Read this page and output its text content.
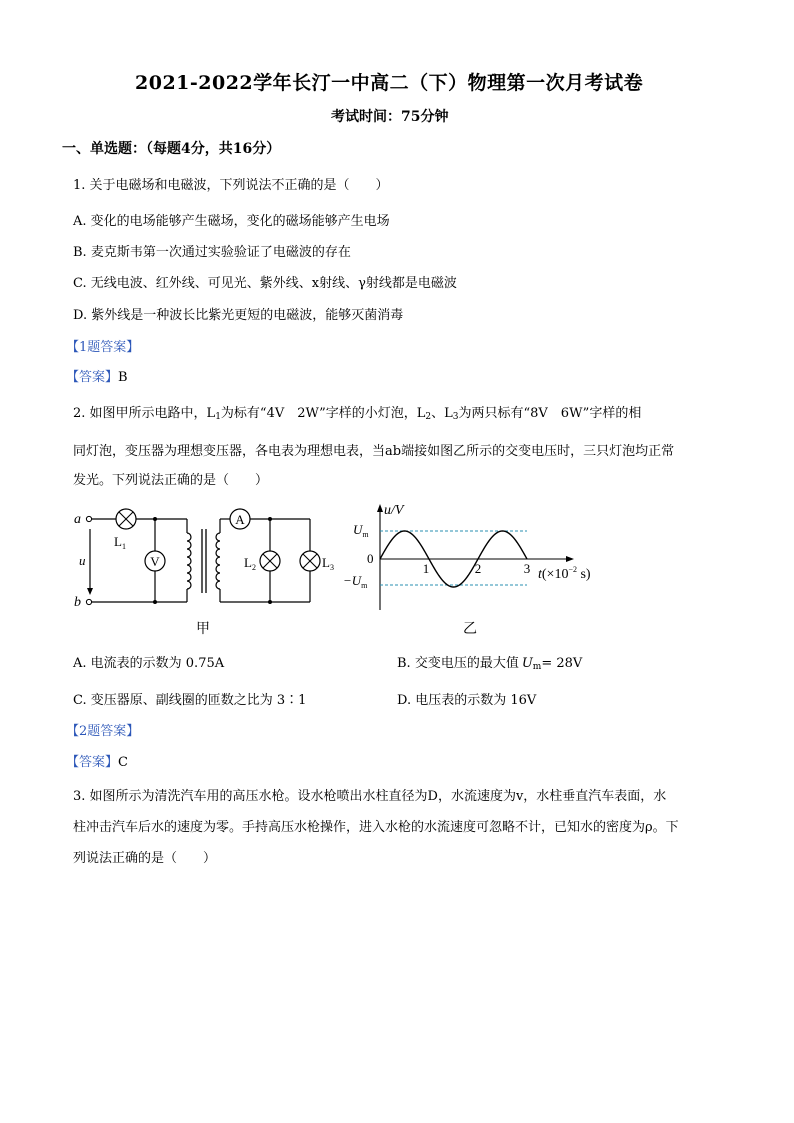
2021-2022学年长汀一中高二（下）物理第一次月考试卷
考试时间：75分钟
一、单选题：（每题4分，共16分）
1. 关于电磁场和电磁波，下列说法不正确的是（　　）
A. 变化的电场能够产生磁场，变化的磁场能够产生电场
B. 麦克斯韦第一次通过实验验证了电磁波的存在
C. 无线电波、红外线、可见光、紫外线、x射线、γ射线都是电磁波
D. 紫外线是一种波长比紫光更短的电磁波，能够灭菌消毒
【1题答案】
【答案】B
2. 如图甲所示电路中，L1为标有“4V　2W”字样的小灯泡，L2、L3为两只标有“8V　6W”字样的相
同灯泡，变压器为理想变压器，各电表为理想电表，当ab端接如图乙所示的交变电压时，三只灯泡均正常
发光。下列说法正确的是（　　）
V
A
a
b
u
$L_1$
$L_2$	$L_3$
甲
u/V
$U_m$
0
$-U_m$
1	2	3 $t(\times 10^{-2}$ s)
乙
A. 电流表的示数为 0.75A	B. 交变电压的最大值 Um= 28V
C. 变压器原、副线圈的匝数之比为 3∶1	D. 电压表的示数为 16V
【2题答案】
【答案】C
3. 如图所示为清洗汽车用的高压水枪。设水枪喷出水柱直径为D，水流速度为v，水柱垂直汽车表面，水
柱冲击汽车后水的速度为零。手持高压水枪操作，进入水枪的水流速度可忽略不计，已知水的密度为ρ。下
列说法正确的是（　　）
